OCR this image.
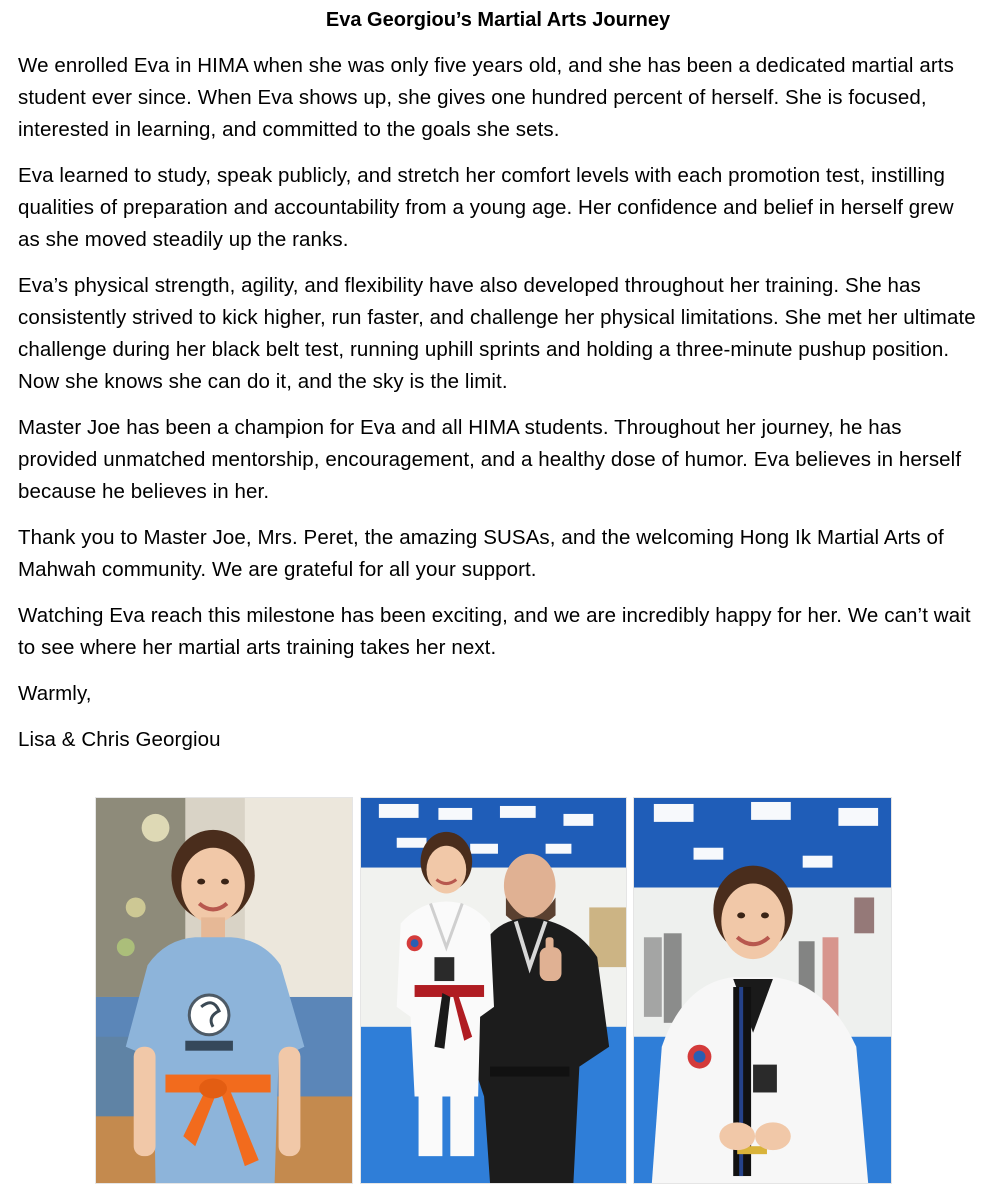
Eva Georgiou’s Martial Arts Journey

We enrolled Eva in HIMA when she was only five years old, and she has been a dedicated martial arts student ever since. When Eva shows up, she gives one hundred percent of herself. She is focused, interested in learning, and committed to the goals she sets.

Eva learned to study, speak publicly, and stretch her comfort levels with each promotion test, instilling qualities of preparation and accountability from a young age. Her confidence and belief in herself grew as she moved steadily up the ranks.

Eva’s physical strength, agility, and flexibility have also developed throughout her training. She has consistently strived to kick higher, run faster, and challenge her physical limitations. She met her ultimate challenge during her black belt test, running uphill sprints and holding a three-minute pushup position. Now she knows she can do it, and the sky is the limit.

Master Joe has been a champion for Eva and all HIMA students. Throughout her journey, he has provided unmatched mentorship, encouragement, and a healthy dose of humor. Eva believes in herself because he believes in her.

Thank you to Master Joe, Mrs. Peret, the amazing SUSAs, and the welcoming Hong Ik Martial Arts of Mahwah community. We are grateful for all your support.

Watching Eva reach this milestone has been exciting, and we are incredibly happy for her. We can’t wait to see where her martial arts training takes her next.

Warmly,

Lisa & Chris Georgiou
